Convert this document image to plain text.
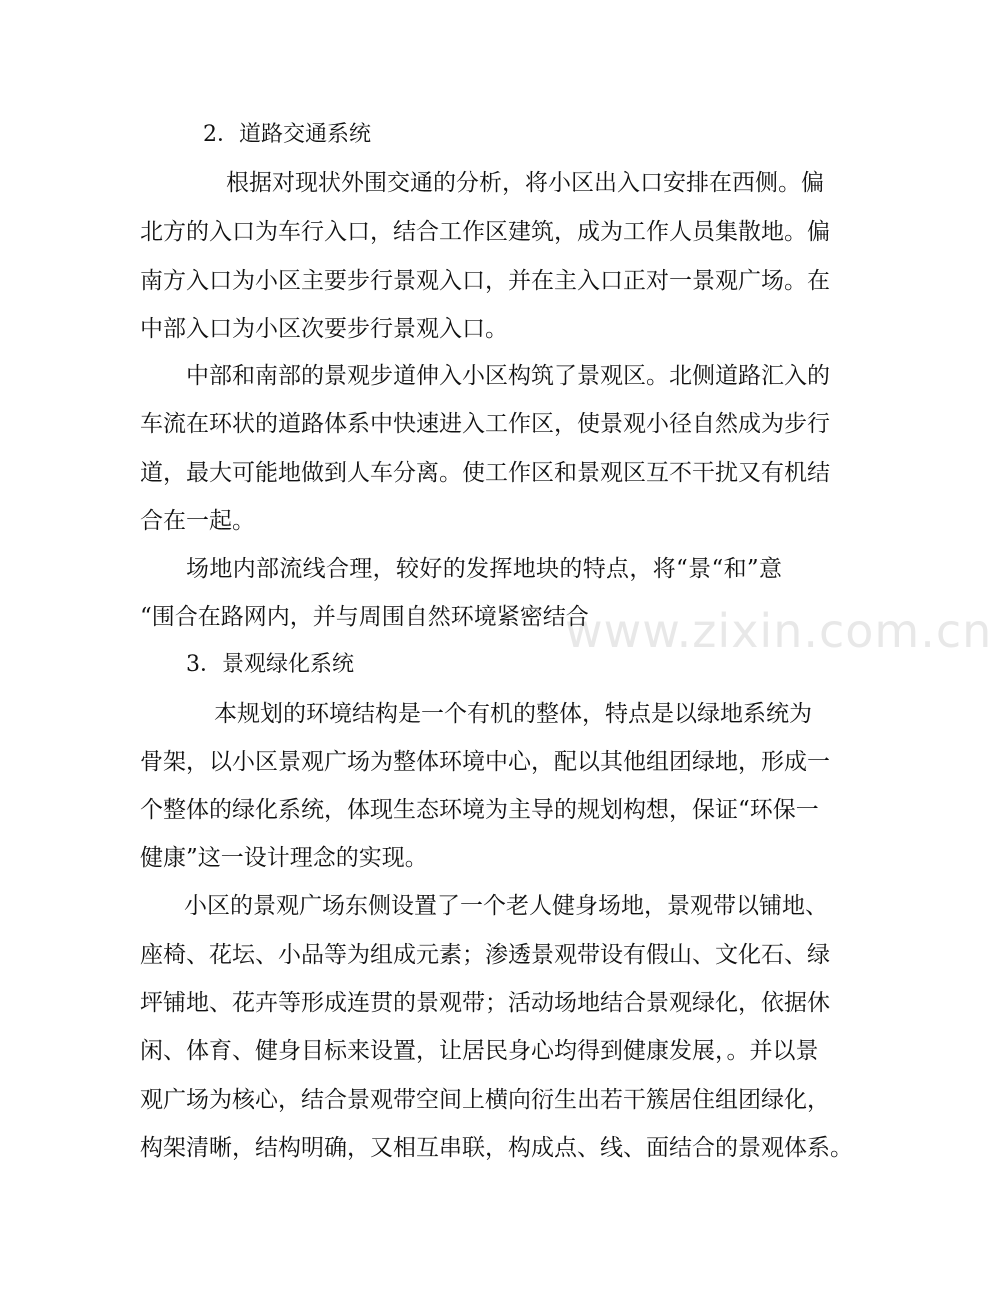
www.zixin.com.cn
2．道路交通系统
根据对现状外围交通的分析，将小区出入口安排在西侧。偏
北方的入口为车行入口，结合工作区建筑，成为工作人员集散地。偏
南方入口为小区主要步行景观入口，并在主入口正对一景观广场。在
中部入口为小区次要步行景观入口。
中部和南部的景观步道伸入小区构筑了景观区。北侧道路汇入的
车流在环状的道路体系中快速进入工作区，使景观小径自然成为步行
道，最大可能地做到人车分离。使工作区和景观区互不干扰又有机结
合在一起。
场地内部流线合理，较好的发挥地块的特点，将“景“和”意
“围合在路网内，并与周围自然环境紧密结合
3．景观绿化系统
本规划的环境结构是一个有机的整体，特点是以绿地系统为
骨架，以小区景观广场为整体环境中心，配以其他组团绿地，形成一
个整体的绿化系统，体现生态环境为主导的规划构想，保证“环保一
健康”这一设计理念的实现。
小区的景观广场东侧设置了一个老人健身场地，景观带以铺地、
座椅、花坛、小品等为组成元素；渗透景观带设有假山、文化石、绿
坪铺地、花卉等形成连贯的景观带；活动场地结合景观绿化，依据休
闲、体育、健身目标来设置，让居民身心均得到健康发展，。并以景
观广场为核心，结合景观带空间上横向衍生出若干簇居住组团绿化，
构架清晰，结构明确，又相互串联，构成点、线、面结合的景观体系。
